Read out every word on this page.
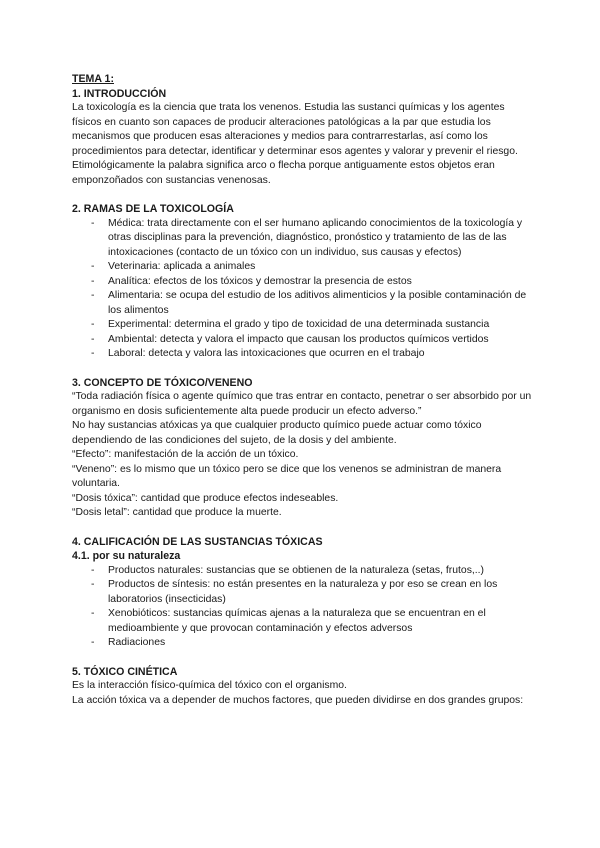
TEMA 1:

1. INTRODUCCIÓN

La toxicología es la ciencia que trata los venenos. Estudia las sustanci químicas y los agentes físicos en cuanto son capaces de producir alteraciones patológicas a la par que estudia los mecanismos que producen esas alteraciones y medios para contrarrestarlas, así como los procedimientos para detectar, identificar y determinar esos agentes y valorar y prevenir el riesgo.

Etimológicamente la palabra significa arco o flecha porque antiguamente estos objetos eran emponzoñados con sustancias venenosas.

2. RAMAS DE LA TOXICOLOGÍA

- Médica: trata directamente con el ser humano aplicando conocimientos de la toxicología y otras disciplinas para la prevención, diagnóstico, pronóstico y tratamiento de las de las intoxicaciones (contacto de un tóxico con un individuo, sus causas y efectos)
- Veterinaria: aplicada a animales
- Analítica: efectos de los tóxicos y demostrar la presencia de estos
- Alimentaria: se ocupa del estudio de los aditivos alimenticios y la posible contaminación de los alimentos
- Experimental: determina el grado y tipo de toxicidad de una determinada sustancia
- Ambiental: detecta y valora el impacto que causan los productos químicos vertidos
- Laboral: detecta y valora las intoxicaciones que ocurren en el trabajo

3. CONCEPTO DE TÓXICO/VENENO

“Toda radiación física o agente químico que tras entrar en contacto, penetrar o ser absorbido por un organismo en dosis suficientemente alta puede producir un efecto adverso.”

No hay sustancias atóxicas ya que cualquier producto químico puede actuar como tóxico dependiendo de las condiciones del sujeto, de la dosis y del ambiente.

“Efecto”: manifestación de la acción de un tóxico.

“Veneno”: es lo mismo que un tóxico pero se dice que los venenos se administran de manera voluntaria.

“Dosis tóxica”: cantidad que produce efectos indeseables.

“Dosis letal”: cantidad que produce la muerte.

4. CALIFICACIÓN DE LAS SUSTANCIAS TÓXICAS

4.1. por su naturaleza

- Productos naturales: sustancias que se obtienen de la naturaleza (setas, frutos,..)
- Productos de síntesis: no están presentes en la naturaleza y por eso se crean en los laboratorios (insecticidas)
- Xenobióticos: sustancias químicas ajenas a la naturaleza que se encuentran en el medioambiente y que provocan contaminación y efectos adversos
- Radiaciones

5. TÓXICO CINÉTICA

Es la interacción físico-química del tóxico con el organismo.

La acción tóxica va a depender de muchos factores, que pueden dividirse en dos grandes grupos:
